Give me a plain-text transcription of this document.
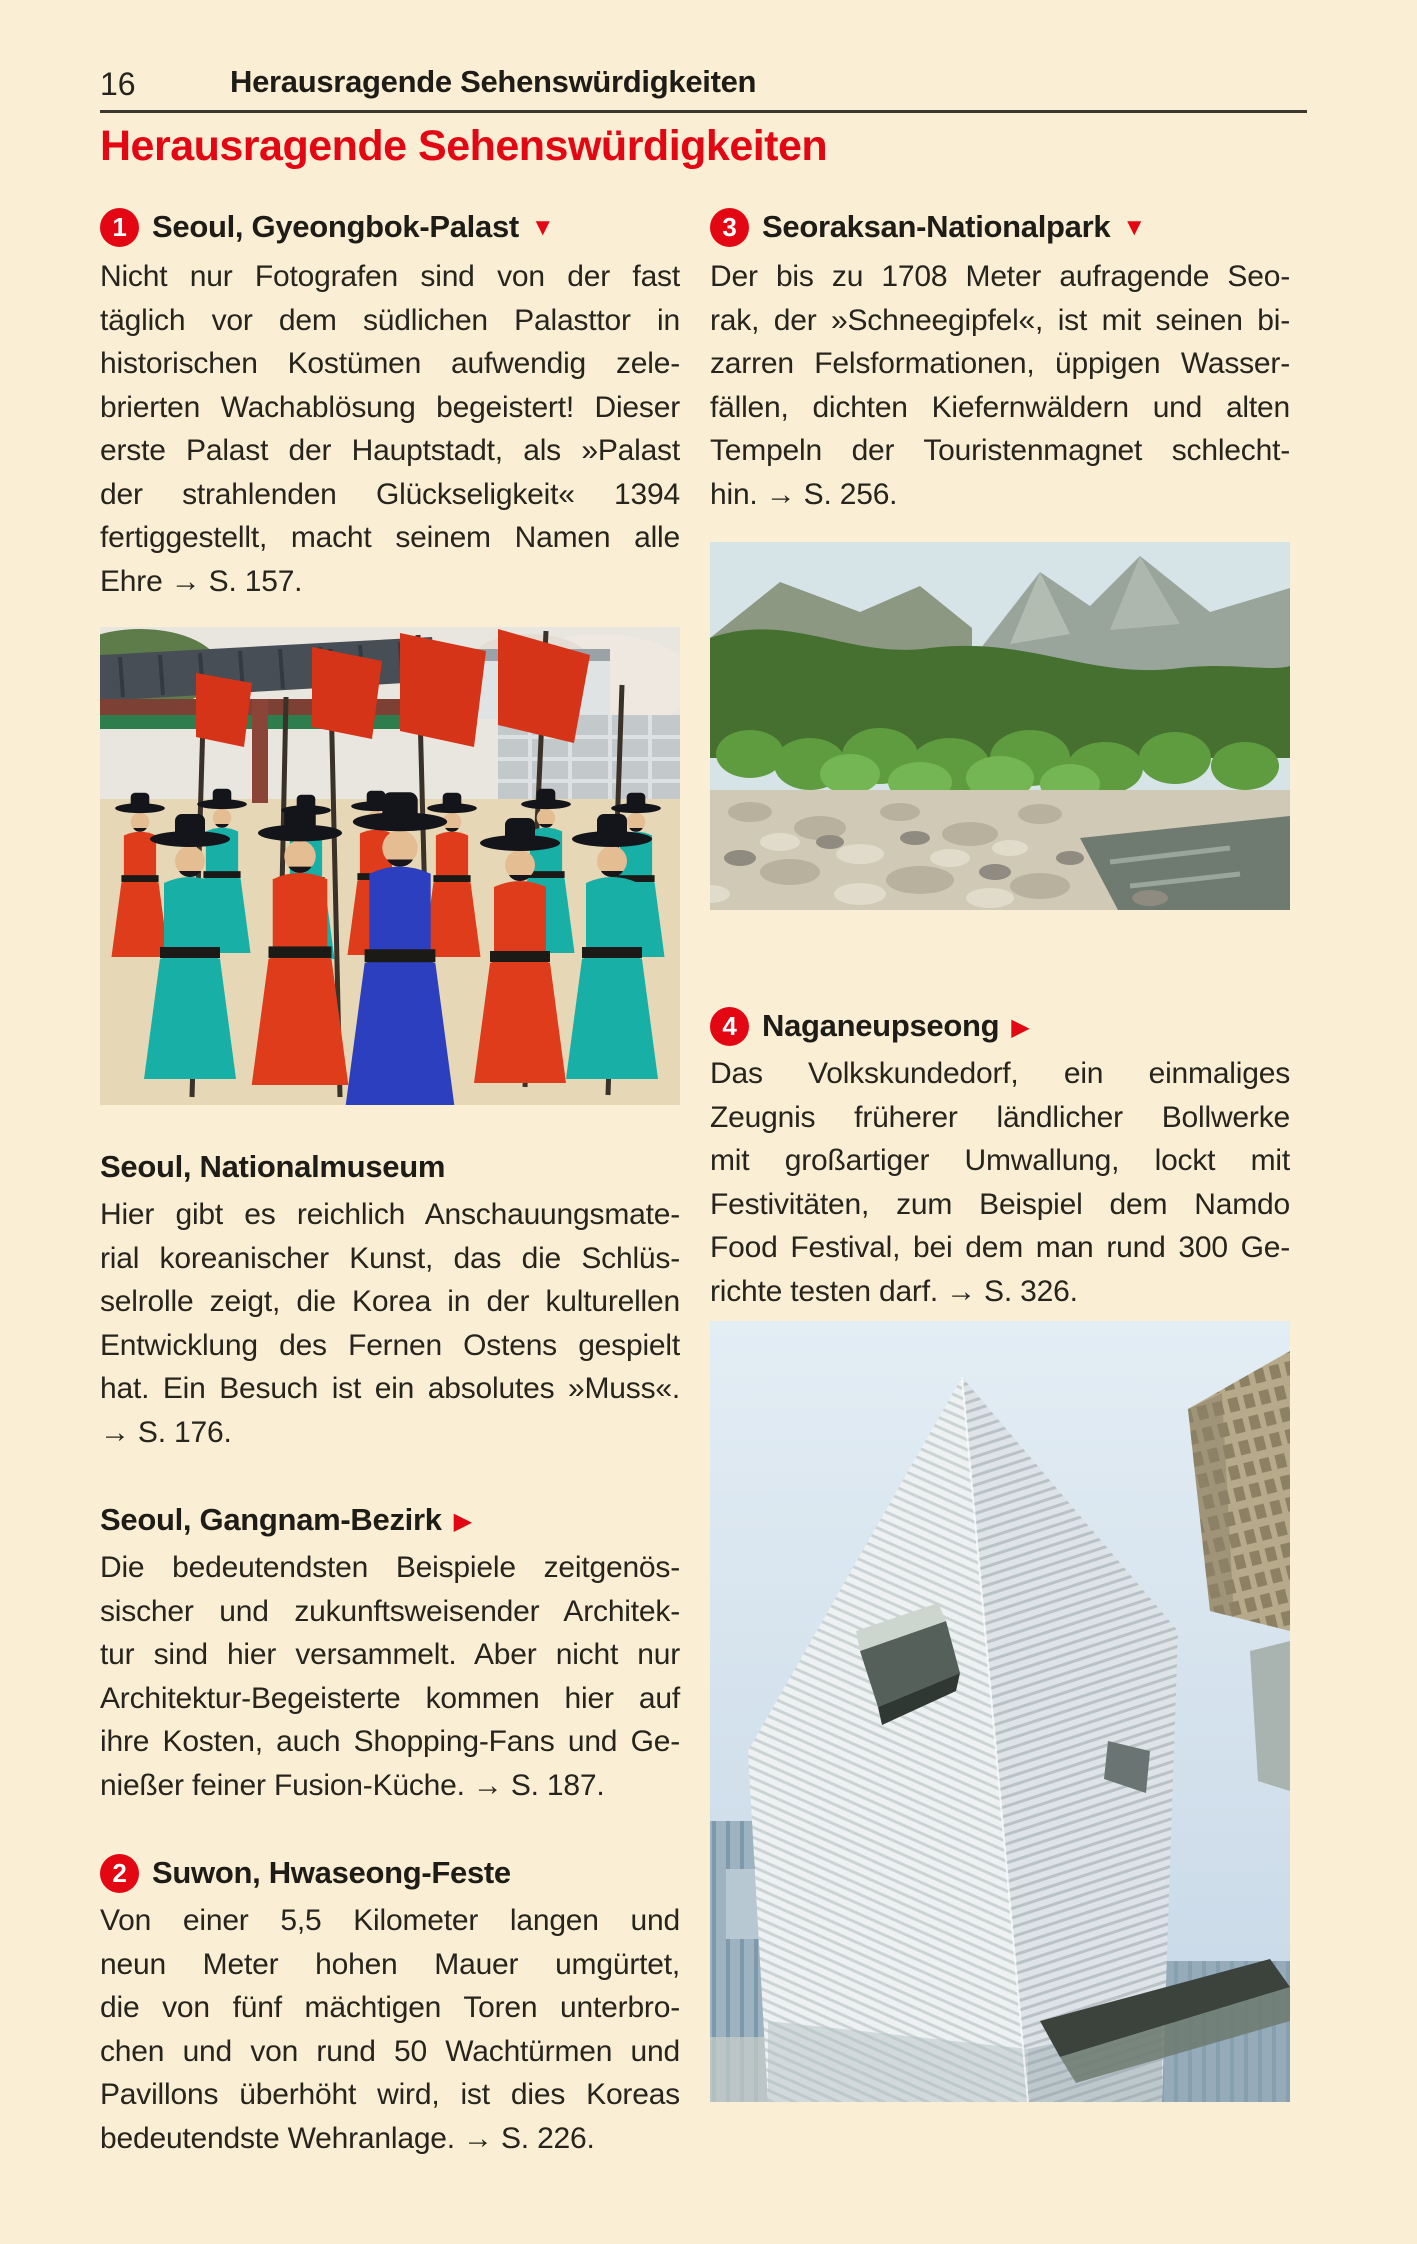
16	Herausragende Sehenswürdigkeiten
Herausragende Sehenswürdigkeiten
1 Seoul, Gyeongbok-Palast ▼
Nicht nur Fotografen sind von der fast
täglich vor dem südlichen Palasttor in
historischen Kostümen aufwendig zele-
brierten Wachablösung begeistert! Dieser
erste Palast der Hauptstadt, als »Palast
der strahlenden Glückseligkeit« 1394
fertiggestellt, macht seinem Namen alle
Ehre → S. 157.
Seoul, Nationalmuseum
Hier gibt es reichlich Anschauungsmate-
rial koreanischer Kunst, das die Schlüs-
selrolle zeigt, die Korea in der kulturellen
Entwicklung des Fernen Ostens gespielt
hat. Ein Besuch ist ein absolutes »Muss«.
→ S. 176.
Seoul, Gangnam-Bezirk ▶
Die bedeutendsten Beispiele zeitgenös-
sischer und zukunftsweisender Architek-
tur sind hier versammelt. Aber nicht nur
Architektur-Begeisterte kommen hier auf
ihre Kosten, auch Shopping-Fans und Ge-
nießer feiner Fusion-Küche. → S. 187.
2 Suwon, Hwaseong-Feste
Von einer 5,5 Kilometer langen und
neun Meter hohen Mauer umgürtet,
die von fünf mächtigen Toren unterbro-
chen und von rund 50 Wachtürmen und
Pavillons überhöht wird, ist dies Koreas
bedeutendste Wehranlage. → S. 226.
3 Seoraksan-Nationalpark ▼
Der bis zu 1708 Meter aufragende Seo-
rak, der »Schneegipfel«, ist mit seinen bi-
zarren Felsformationen, üppigen Wasser-
fällen, dichten Kiefernwäldern und alten
Tempeln der Touristenmagnet schlecht-
hin. → S. 256.
4 Naganeupseong ▶
Das Volkskundedorf, ein einmaliges
Zeugnis früherer ländlicher Bollwerke
mit großartiger Umwallung, lockt mit
Festivitäten, zum Beispiel dem Namdo
Food Festival, bei dem man rund 300 Ge-
richte testen darf. → S. 326.
